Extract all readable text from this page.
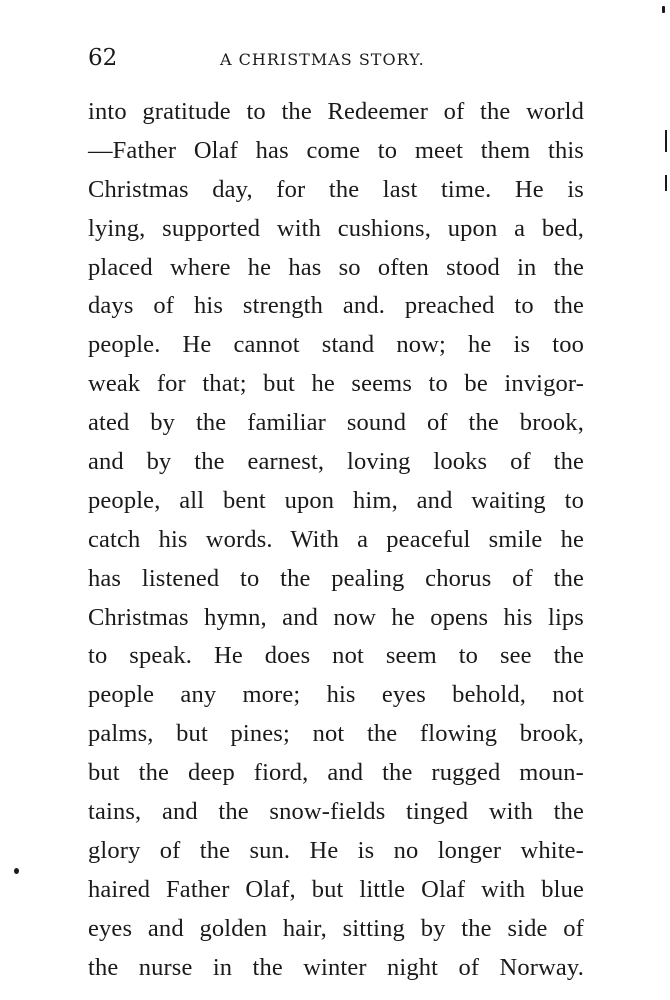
62	A CHRISTMAS STORY.
into gratitude to the Redeemer of the world
—Father Olaf has come to meet them this
Christmas day, for the last time. He is
lying, supported with cushions, upon a bed,
placed where he has so often stood in the
days of his strength and. preached to the
people. He cannot stand now; he is too
weak for that; but he seems to be invigor-
ated by the familiar sound of the brook,
and by the earnest, loving looks of the
people, all bent upon him, and waiting to
catch his words. With a peaceful smile he
has listened to the pealing chorus of the
Christmas hymn, and now he opens his lips
to speak. He does not seem to see the
people any more; his eyes behold, not
palms, but pines; not the flowing brook,
but the deep fiord, and the rugged moun-
tains, and the snow-fields tinged with the
glory of the sun. He is no longer white-
haired Father Olaf, but little Olaf with blue
eyes and golden hair, sitting by the side of
the nurse in the winter night of Norway.
